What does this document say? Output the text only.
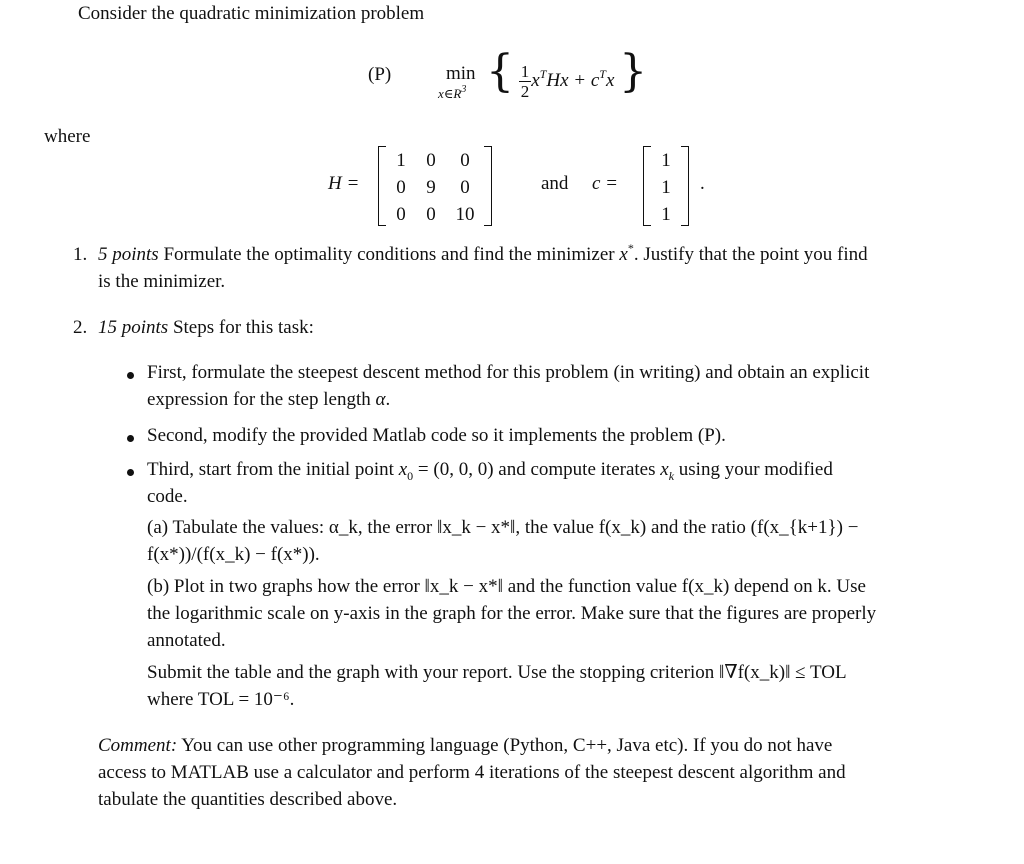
Consider the quadratic minimization problem
(P)	min
$x\in R^3$ { $\frac{1}{2} x^THx + c^Tx$ }
where
H =
1 0	0
0 9	0
0 0 10
and c =
1
1
1
.
1. 5 points Formulate the optimality conditions and find the minimizer x*. Justify that the point you find
is the minimizer.
2. 15 points Steps for this task:
First, formulate the steepest descent method for this problem (in writing) and obtain an explicit
expression for the step length α.
Second, modify the provided Matlab code so it implements the problem (P).
Third, start from the initial point $x_0 = (0$, 0, 0) and compute iterates $x_k$ using your modified
code.
(a) Tabulate the values: α_k, the error ‖x_k − x*‖, the value f(x_k) and the ratio (f(x_{k+1}) −
f(x*))/(f(x_k) − f(x*)).
(b) Plot in two graphs how the error ‖x_k − x*‖ and the function value f(x_k) depend on k. Use
the logarithmic scale on y-axis in the graph for the error. Make sure that the figures are properly
annotated.
Submit the table and the graph with your report. Use the stopping criterion ‖∇f(x_k)‖ ≤ TOL
where TOL = 10⁻⁶.
Comment: You can use other programming language (Python, C++, Java etc). If you do not have
access to MATLAB use a calculator and perform 4 iterations of the steepest descent algorithm and
tabulate the quantities described above.
